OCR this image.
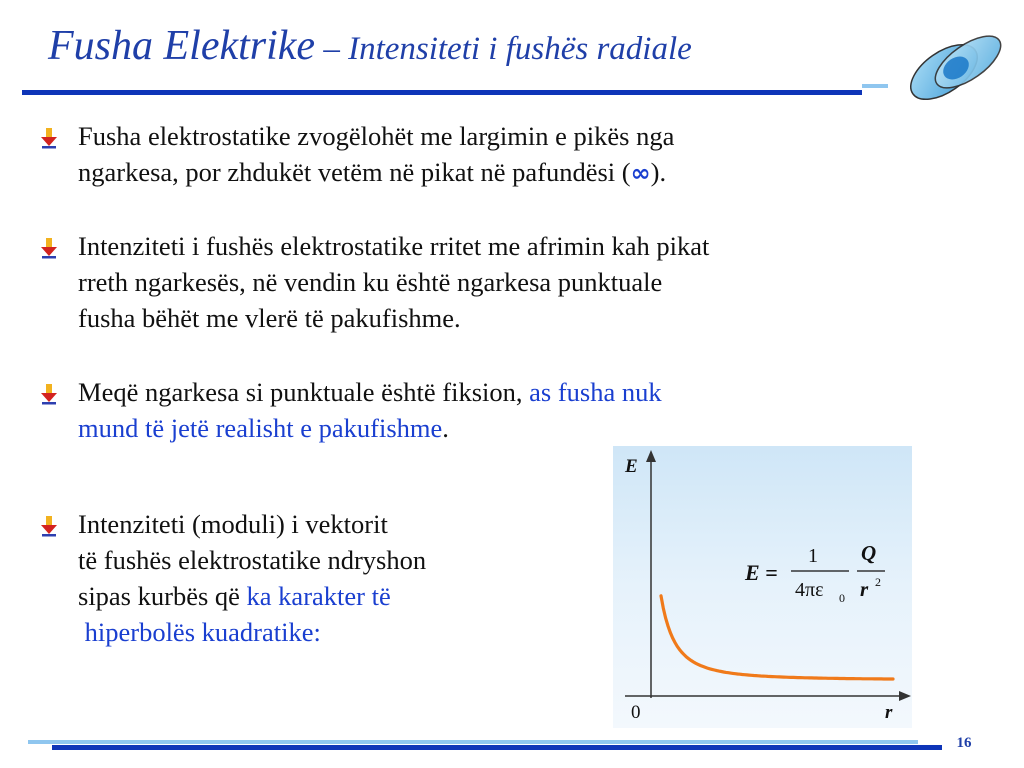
Fusha Elektrike – Intensiteti i fushës radiale
Fusha elektrostatike zvogëlohët me largimin e pikës nga
ngarkesa, por zhdukët vetëm në pikat në pafundësi (∞).
Intenziteti i fushës elektrostatike rritet me afrimin kah pikat
rreth ngarkesës, në vendin ku është ngarkesa punktuale
fusha bëhët me vlerë të pakufishme.
Meqë ngarkesa si punktuale është fiksion, as fusha nuk
mund të jetë realisht e pakufishme.
Intenziteti (moduli) i vektorit
të fushës elektrostatike ndryshon
sipas kurbës që ka karakter të
hiperbolës kuadratike:
E
r
0
E =
1
4πε 0
Q
r 2
16
